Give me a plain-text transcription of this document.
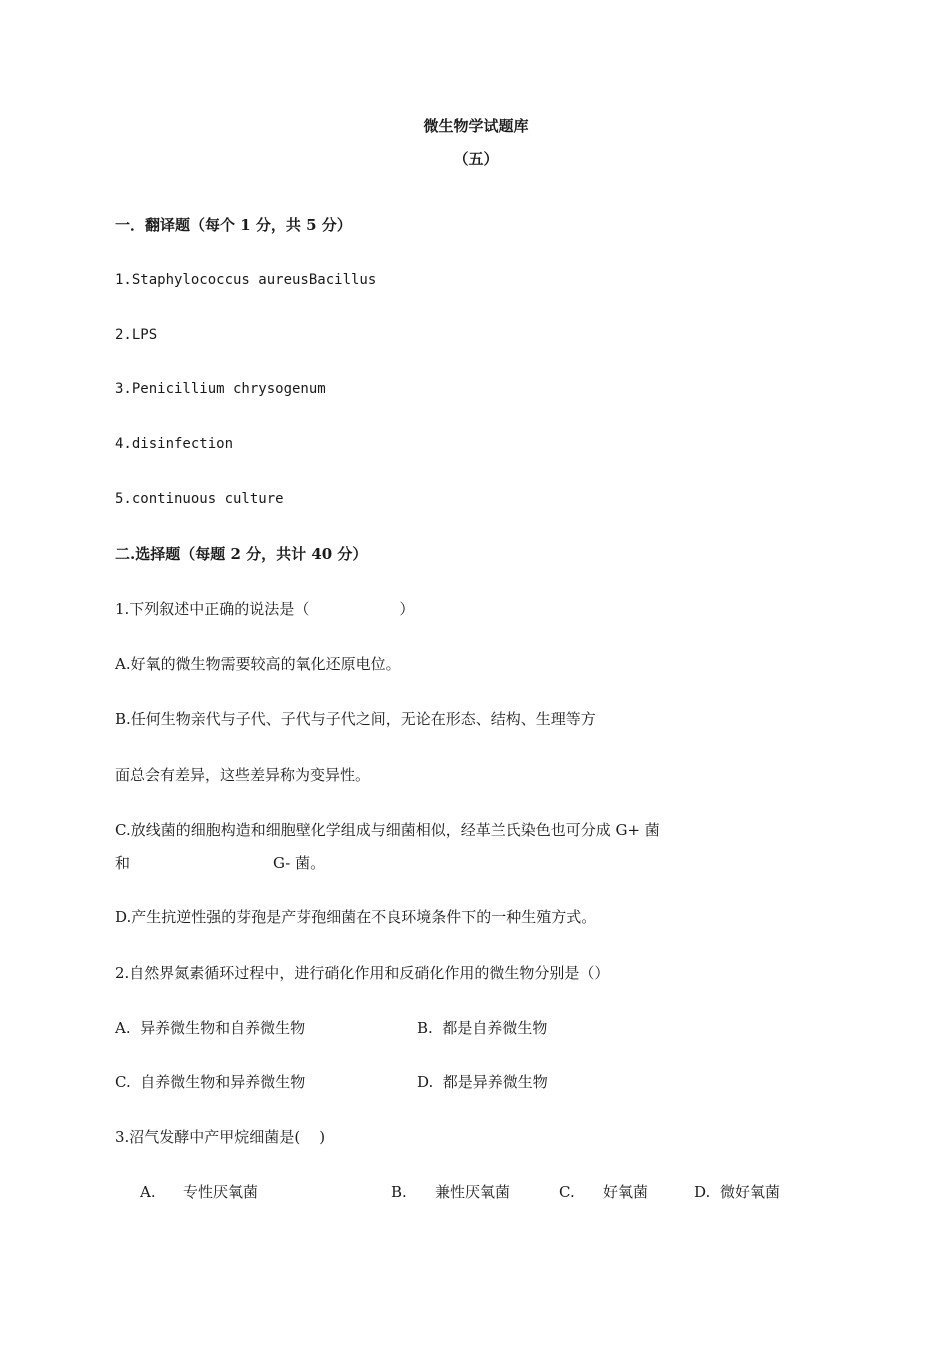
微生物学试题库
（五）
一．翻译题（每个 1 分，共 5 分）
1.Staphylococcus aureusBacillus
2.LPS
3.Penicillium chrysogenum
4.disinfection
5.continuous culture
二.选择题（每题 2 分，共计 40 分）
1.下列叙述中正确的说法是（　　　　　　）
A.好氧的微生物需要较高的氧化还原电位。
B.任何生物亲代与子代、子代与子代之间，无论在形态、结构、生理等方
面总会有差异，这些差异称为变异性。
C.放线菌的细胞构造和细胞壁化学组成与细菌相似，经革兰氏染色也可分成 G+ 菌
和	G- 菌。
D.产生抗逆性强的芽孢是产芽孢细菌在不良环境条件下的一种生殖方式。
2.自然界氮素循环过程中，进行硝化作用和反硝化作用的微生物分别是（）
A.  异养微生物和自养微生物	B.  都是自养微生物
C.  自养微生物和异养微生物	D.  都是异养微生物
3.沼气发酵中产甲烷细菌是(    )
A. 专性厌氧菌	B. 兼性厌氧菌	C. 好氧菌	D. 微好氧菌
